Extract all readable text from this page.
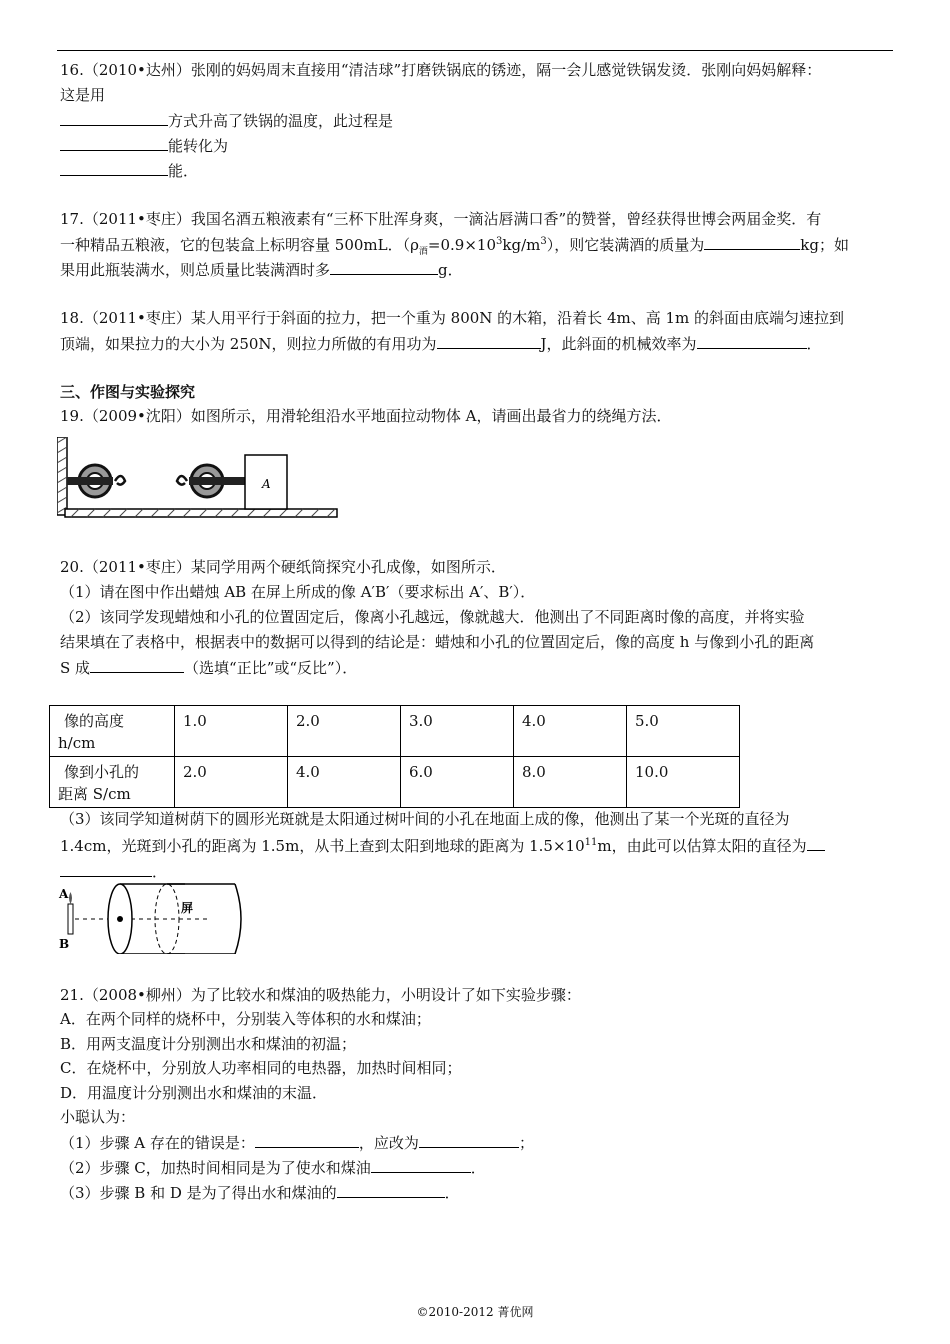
16.（2010•达州）张刚的妈妈周末直接用“清洁球”打磨铁锅底的锈迹，隔一会儿感觉铁锅发烫．张刚向妈妈解释：
这是用
方式升高了铁锅的温度，此过程是
能转化为
能．
17.（2011•枣庄）我国名酒五粮液素有“三杯下肚浑身爽，一滴沾唇满口香”的赞誉，曾经获得世博会两届金奖．有
一种精品五粮液，它的包装盒上标明容量 500mL．$(\rho_酒=0.9\times 10^3kg/m^3)$，则它装满酒的质量为	kg；如
果用此瓶装满水，则总质量比装满酒时多	g．
18.（2011•枣庄）某人用平行于斜面的拉力，把一个重为 800N 的木箱，沿着长 4m、高 1m 的斜面由底端匀速拉到
顶端，如果拉力的大小为 250N，则拉力所做的有用功为	J，此斜面的机械效率为	．
三、作图与实验探究
19.（2009•沈阳）如图所示，用滑轮组沿水平地面拉动物体 A，请画出最省力的绕绳方法．
A
20.（2011•枣庄）某同学用两个硬纸筒探究小孔成像，如图所示．
（1）请在图中作出蜡烛 AB 在屏上所成的像 A′B′（要求标出 A′、B′）．
（2）该同学发现蜡烛和小孔的位置固定后，像离小孔越远，像就越大．他测出了不同距离时像的高度，并将实验
结果填在了表格中，根据表中的数据可以得到的结论是：蜡烛和小孔的位置固定后，像的高度 h 与像到小孔的距离
S 成	（选填“正比”或“反比”）．
像的高度
h/cm	1.0	2.0	3.0	4.0	5.0

像到小孔的
距离 S/cm	2.0	4.0	6.0	8.0	10.0
（3）该同学知道树荫下的圆形光斑就是太阳通过树叶间的小孔在地面上成的像，他测出了某一个光斑的直径为
1.4cm，光斑到小孔的距离为 1.5m，从书上查到太阳到地球的距离为 $1.5\times 10^{11}m$，由此可以估算太阳的直径为
．
A
B
屏
21.（2008•柳州）为了比较水和煤油的吸热能力，小明设计了如下实验步骤：
A．在两个同样的烧杯中，分别装入等体积的水和煤油；
B．用两支温度计分别测出水和煤油的初温；
C．在烧杯中，分别放人功率相同的电热器，加热时间相同；
D．用温度计分别测出水和煤油的末温．
小聪认为：
（1）步骤 A 存在的错误是：	，应改为	；
（2）步骤 C，加热时间相同是为了使水和煤油	．
（3）步骤 B 和 D 是为了得出水和煤油的	．
©2010-2012 菁优网
